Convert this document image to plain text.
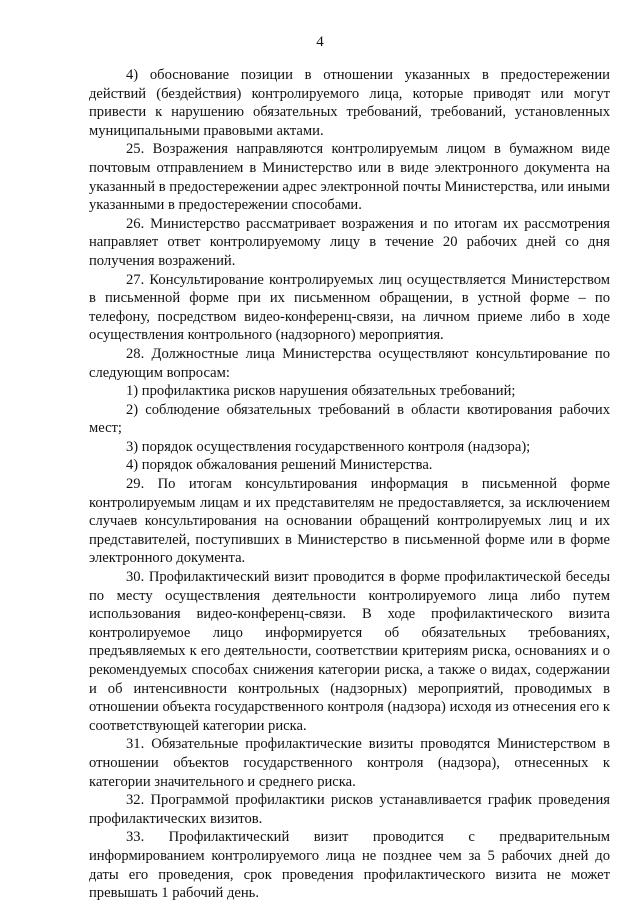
4

4) обоснование позиции в отношении указанных в предостережении действий (бездействия) контролируемого лица, которые приводят или могут привести к нарушению обязательных требований, требований, установленных муниципальными правовыми актами.

25. Возражения направляются контролируемым лицом в бумажном виде почтовым отправлением в Министерство или в виде электронного документа на указанный в предостережении адрес электронной почты Министерства, или иными указанными в предостережении способами.

26. Министерство рассматривает возражения и по итогам их рассмотрения направляет ответ контролируемому лицу в течение 20 рабочих дней со дня получения возражений.

27. Консультирование контролируемых лиц осуществляется Министерством в письменной форме при их письменном обращении, в устной форме – по телефону, посредством видео-конференц-связи, на личном приеме либо в ходе осуществления контрольного (надзорного) мероприятия.

28. Должностные лица Министерства осуществляют консультирование по следующим вопросам:

1) профилактика рисков нарушения обязательных требований;

2) соблюдение обязательных требований в области квотирования рабочих мест;

3) порядок осуществления государственного контроля (надзора);

4) порядок обжалования решений Министерства.

29. По итогам консультирования информация в письменной форме контролируемым лицам и их представителям не предоставляется, за исключением случаев консультирования на основании обращений контролируемых лиц и их представителей, поступивших в Министерство в письменной форме или в форме электронного документа.

30. Профилактический визит проводится в форме профилактической беседы по месту осуществления деятельности контролируемого лица либо путем использования видео-конференц-связи. В ходе профилактического визита контролируемое лицо информируется об обязательных требованиях, предъявляемых к его деятельности, соответствии критериям риска, основаниях и о рекомендуемых способах снижения категории риска, а также о видах, содержании и об интенсивности контрольных (надзорных) мероприятий, проводимых в отношении объекта государственного контроля (надзора) исходя из отнесения его к соответствующей категории риска.

31. Обязательные профилактические визиты проводятся Министерством в отношении объектов государственного контроля (надзора), отнесенных к категории значительного и среднего риска.

32. Программой профилактики рисков устанавливается график проведения профилактических визитов.

33. Профилактический визит проводится с предварительным информированием контролируемого лица не позднее чем за 5 рабочих дней до даты его проведения, срок проведения профилактического визита не может превышать 1 рабочий день.
